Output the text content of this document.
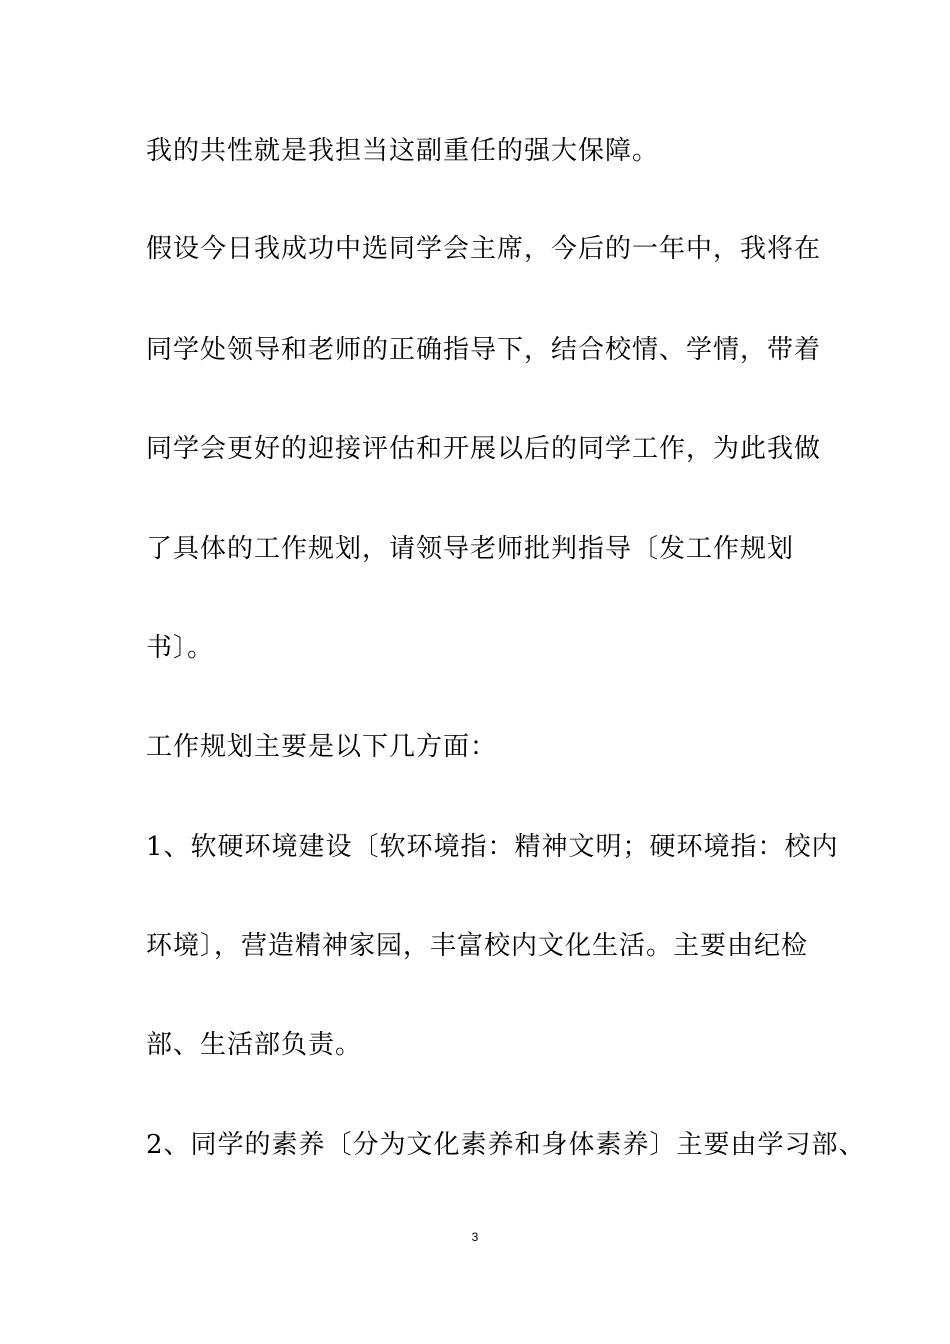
我的共性就是我担当这副重任的强大保障。
假设今日我成功中选同学会主席，今后的一年中，我将在
同学处领导和老师的正确指导下，结合校情、学情，带着
同学会更好的迎接评估和开展以后的同学工作，为此我做
了具体的工作规划，请领导老师批判指导〔发工作规划
书〕。
工作规划主要是以下几方面：
1、软硬环境建设〔软环境指：精神文明；硬环境指：校内
环境〕，营造精神家园，丰富校内文化生活。主要由纪检
部、生活部负责。
2、同学的素养〔分为文化素养和身体素养〕主要由学习部、
3
